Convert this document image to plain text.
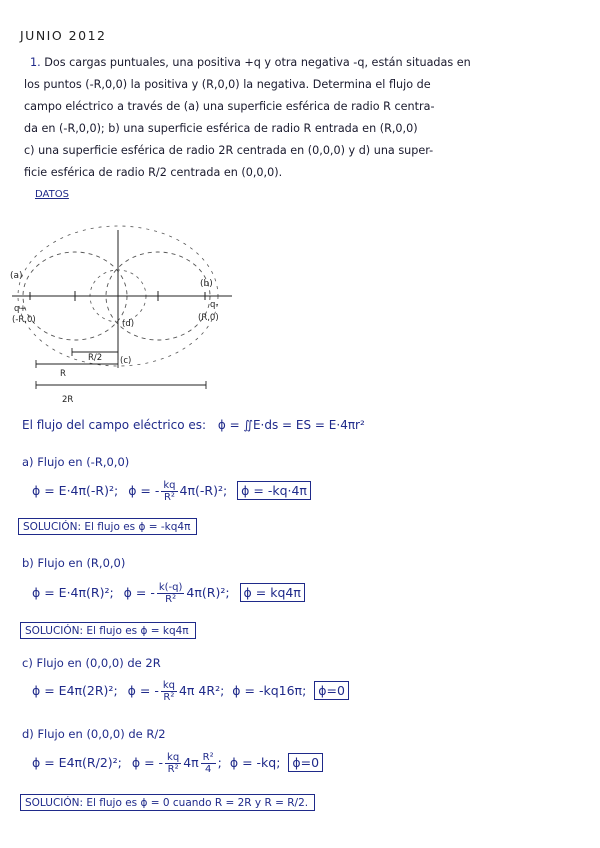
JUNIO 2012
1. Dos cargas puntuales, una positiva +q y otra negativa -q, están situadas en
los puntos (-R,0,0) la positiva y (R,0,0) la negativa. Determina el flujo de
campo eléctrico a través de (a) una superficie esférica de radio R centra-
da en (-R,0,0); b) una superficie esférica de radio R entrada en (R,0,0)
c) una superficie esférica de radio 2R centrada en (0,0,0) y d) una super-
ficie esférica de radio R/2 centrada en (0,0,0).
DATOS
(a)
(b)
(d)
q+
(-R,0)
q-
(R,0)
R/2 (c)
R
2R
El flujo del campo eléctrico es: ϕ = ∬E·ds = ES = E·4πr²
a) Flujo en (-R,0,0)
ϕ = E·4π(-R)²; ϕ = - $\frac{kq}{\text{R²}} 4\pi(-R)^2$; ϕ = -kq·4π
SOLUCIÓN: El flujo es ϕ = -kq4π
b) Flujo en (R,0,0)
ϕ = E·4π(R)²; ϕ = - $\frac{k(-q)}{\text{R²}} 4\pi(R)^2$; ϕ = kq4π
SOLUCIÓN: El flujo es ϕ = kq4π
c) Flujo en (0,0,0) de 2R
ϕ = E4π(2R)²; ϕ = - $\frac{kq}{\text{R²}} 4\pi$ 4R²; ϕ = -kq16π; ϕ=0
d) Flujo en (0,0,0) de R/2
ϕ = E4π(R/2)²; ϕ = - $\frac{kq}{\text{R²}} 4\pi \frac{\text{R²}}{4}$ ; ϕ = -kq; ϕ=0
SOLUCIÓN: El flujo es ϕ = 0 cuando R = 2R y R = R/2.
